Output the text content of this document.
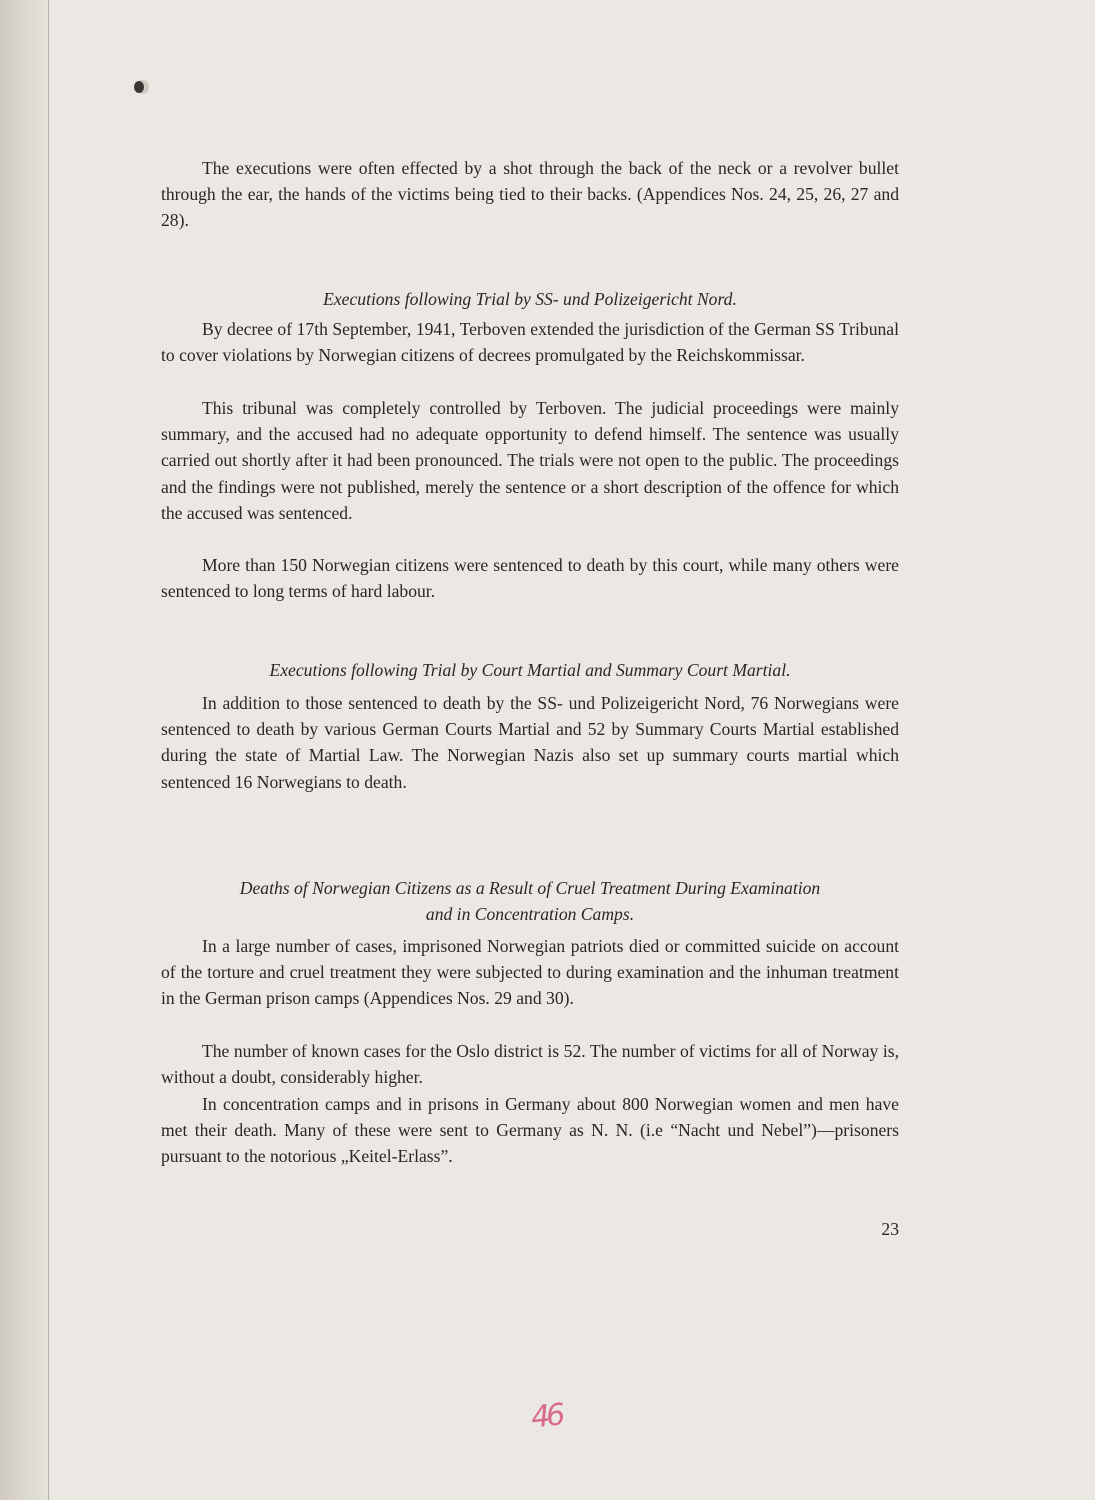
The executions were often effected by a shot through the back of the neck or a revolver bullet through the ear, the hands of the victims being tied to their backs. (Appendices Nos. 24, 25, 26, 27 and 28).

Executions following Trial by SS- und Polizeigericht Nord.

By decree of 17th September, 1941, Terboven extended the jurisdiction of the German SS Tribunal to cover violations by Norwegian citizens of decrees promulgated by the Reichskommissar.

This tribunal was completely controlled by Terboven. The judicial proceedings were mainly summary, and the accused had no adequate opportunity to defend himself. The sentence was usually carried out shortly after it had been pronounced. The trials were not open to the public. The proceedings and the findings were not published, merely the sentence or a short description of the offence for which the accused was sentenced.

More than 150 Norwegian citizens were sentenced to death by this court, while many others were sentenced to long terms of hard labour.

Executions following Trial by Court Martial and Summary Court Martial.

In addition to those sentenced to death by the SS- und Polizeigericht Nord, 76 Norwegians were sentenced to death by various German Courts Martial and 52 by Summary Courts Martial established during the state of Martial Law. The Norwegian Nazis also set up summary courts martial which sentenced 16 Norwegians to death.

Deaths of Norwegian Citizens as a Result of Cruel Treatment During Examination

and in Concentration Camps.

In a large number of cases, imprisoned Norwegian patriots died or committed suicide on account of the torture and cruel treatment they were subjected to during examination and the inhuman treatment in the German prison camps (Appendices Nos. 29 and 30).

The number of known cases for the Oslo district is 52. The number of victims for all of Norway is, without a doubt, considerably higher.

In concentration camps and in prisons in Germany about 800 Norwegian women and men have met their death. Many of these were sent to Germany as N. N. (i.e “Nacht und Nebel”)—prisoners pursuant to the notorious „Keitel-Erlass”.

23
46
